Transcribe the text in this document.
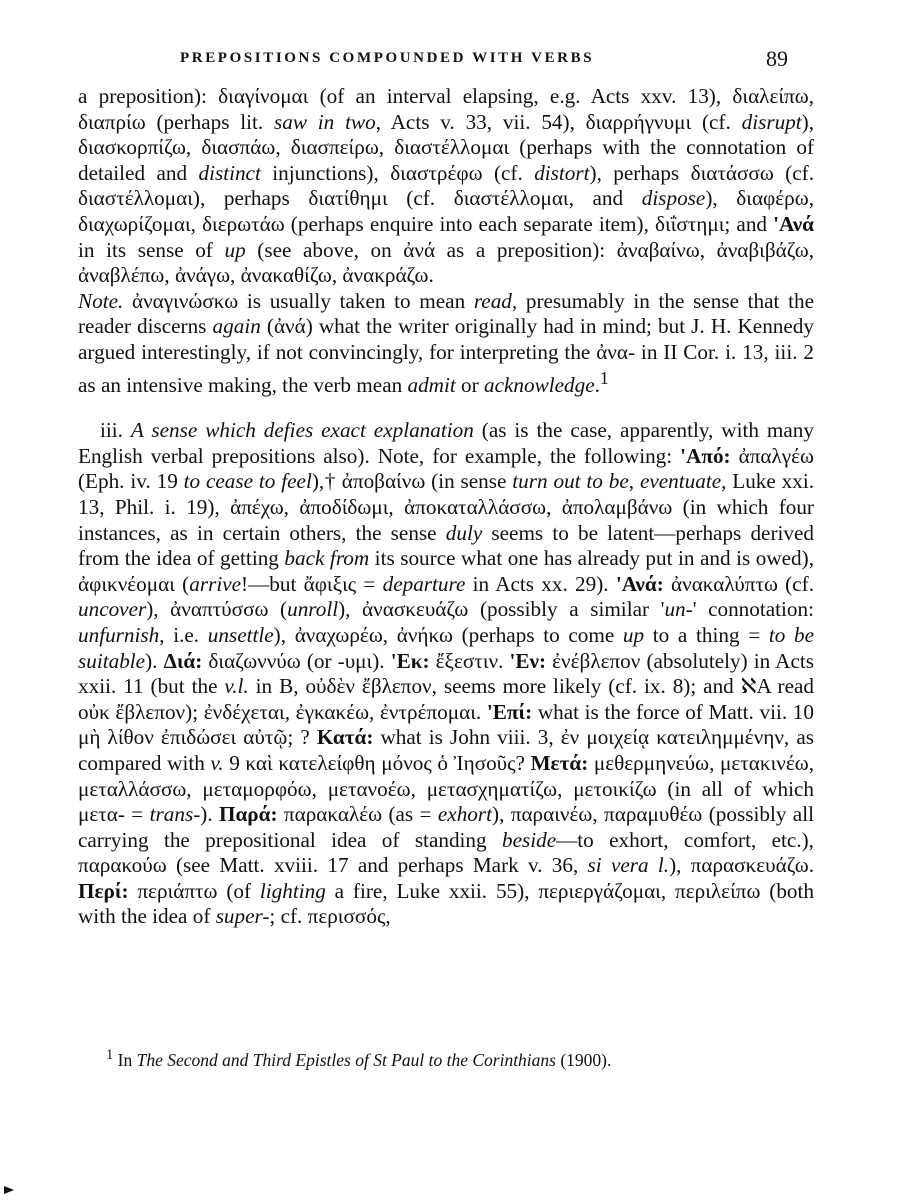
PREPOSITIONS COMPOUNDED WITH VERBS	89

a preposition): διαγίνομαι (of an interval elapsing, e.g. Acts xxv. 13), διαλείπω, διαπρίω (perhaps lit. saw in two, Acts v. 33, vii. 54), διαρρήγνυμι (cf. disrupt), διασκορπίζω, διασπάω, διασπείρω, διαστέλλομαι (perhaps with the connotation of detailed and distinct injunctions), διαστρέφω (cf. distort), perhaps διατάσσω (cf. διαστέλλομαι), perhaps διατίθημι (cf. διαστέλλομαι, and dispose), διαφέρω, διαχωρίζομαι, διερωτάω (perhaps enquire into each separate item), διΐστημι; and 'Ανά in its sense of up (see above, on ἀνά as a preposition): ἀναβαίνω, ἀναβιβάζω, ἀναβλέπω, ἀνάγω, ἀνακαθίζω, ἀνακράζω.

Note. ἀναγινώσκω is usually taken to mean read, presumably in the sense that the reader discerns again (ἀνά) what the writer originally had in mind; but J. H. Kennedy argued interestingly, if not convincingly, for interpreting the ἀνα- in II Cor. i. 13, iii. 2 as an intensive making, the verb mean admit or acknowledge.$^1$

iii. A sense which defies exact explanation (as is the case, apparently, with many English verbal prepositions also). Note, for example, the following: 'Από: ἀπαλγέω (Eph. iv. 19 to cease to feel),† ἀποβαίνω (in sense turn out to be, eventuate, Luke xxi. 13, Phil. i. 19), ἀπέχω, ἀποδίδωμι, ἀποκαταλλάσσω, ἀπολαμβάνω (in which four instances, as in certain others, the sense duly seems to be latent—perhaps derived from the idea of getting back from its source what one has already put in and is owed), ἀφικνέομαι (arrive!—but ἄφιξις = departure in Acts xx. 29). 'Ανά: ἀνακαλύπτω (cf. uncover), ἀναπτύσσω (unroll), ἀνασκευάζω (possibly a similar 'un-' connotation: unfurnish, i.e. unsettle), ἀναχωρέω, ἀνήκω (perhaps to come up to a thing = to be suitable). Διά: διαζωννύω (or -υμι). 'Εκ: ἔξεστιν. 'Εν: ἐνέβλεπον (absolutely) in Acts xxii. 11 (but the v.l. in B, οὐδὲν ἔβλεπον, seems more likely (cf. ix. 8); and ℵA read οὐκ ἔβλεπον); ἐνδέχεται, ἐγκακέω, ἐντρέπομαι. 'Επί: what is the force of Matt. vii. 10 μὴ λίθον ἐπιδώσει αὐτῷ; ? Κατά: what is John viii. 3, ἐν μοιχείᾳ κατειλημμένην, as compared with v. 9 καὶ κατελείφθη μόνος ὁ Ἰησοῦς? Μετά: μεθερμηνεύω, μετακινέω, μεταλλάσσω, μεταμορφόω, μετανοέω, μετασχηματίζω, μετοικίζω (in all of which μετα- = trans-). Παρά: παρακαλέω (as = exhort), παραινέω, παραμυθέω (possibly all carrying the prepositional idea of standing beside—to exhort, comfort, etc.), παρακούω (see Matt. xviii. 17 and perhaps Mark v. 36, si vera l.), παρασκευάζω. Περί: περιάπτω (of lighting a fire, Luke xxii. 55), περιεργάζομαι, περιλείπω (both with the idea of super-; cf. περισσός,

$^1$ In The Second and Third Epistles of St Paul to the Corinthians (1900).
